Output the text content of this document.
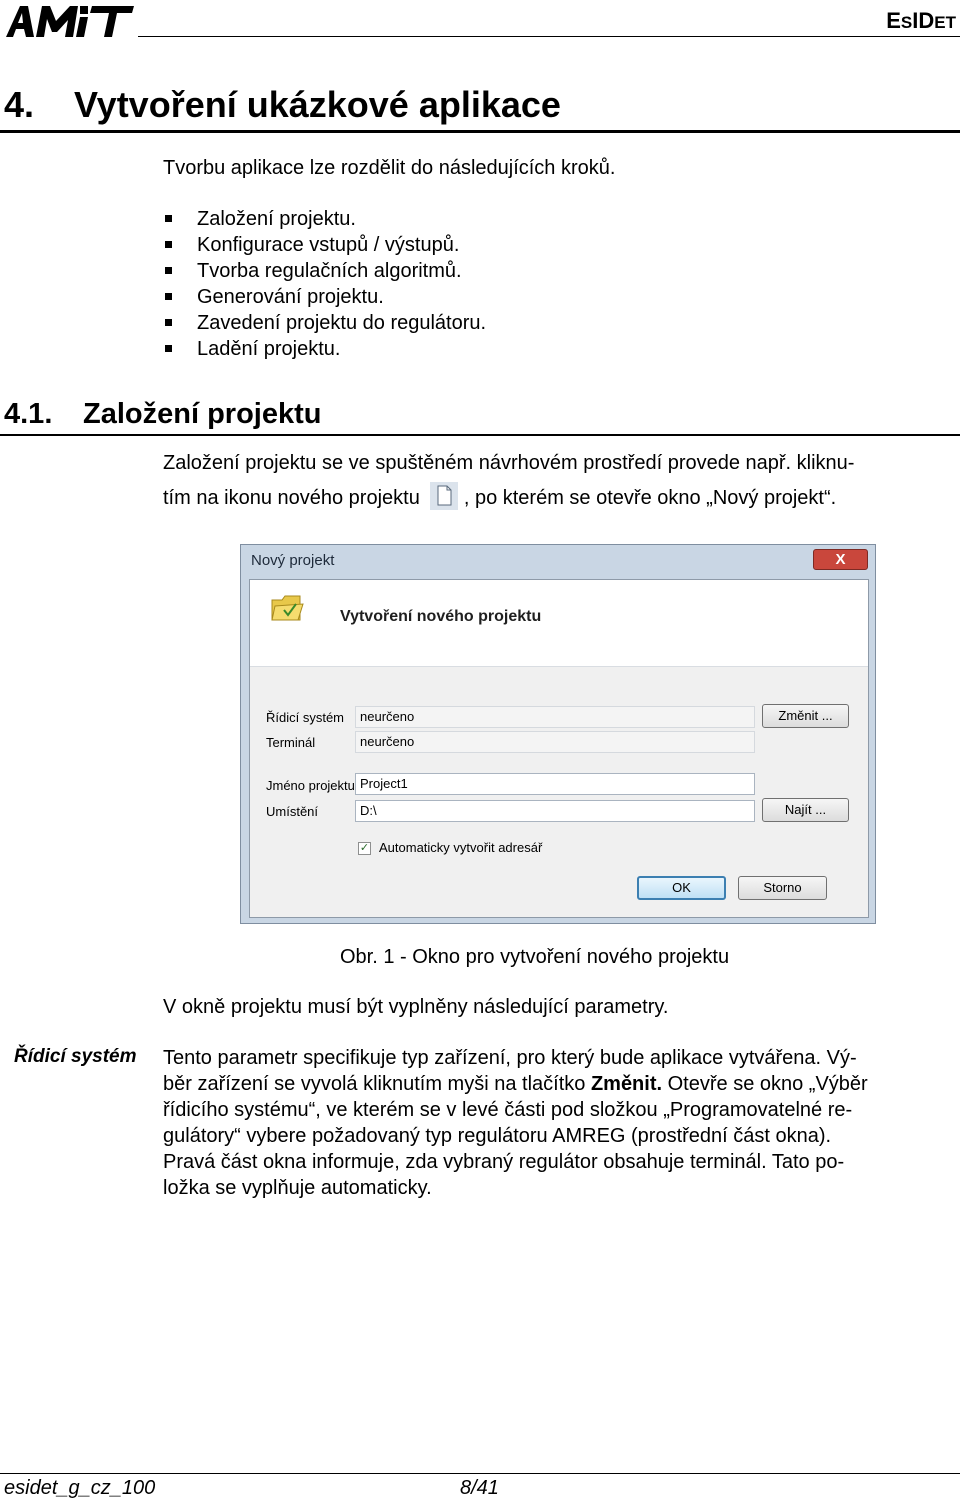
ESIDET
4. Vytvoření ukázkové aplikace
Tvorbu aplikace lze rozdělit do následujících kroků.
Založení projektu.
Konfigurace vstupů / výstupů.
Tvorba regulačních algoritmů.
Generování projektu.
Zavedení projektu do regulátoru.
Ladění projektu.
4.1. Založení projektu
Založení projektu se ve spuštěném návrhovém prostředí provede např. kliknu-
tím na ikonu nového projektu , po kterém se otevře okno „Nový projekt“.
Nový projekt	X
Vytvoření nového projektu
Řídicí systém	neurčeno	Změnit ...
Terminál	neurčeno
Jméno projektu Project1
Umístění	D:\	Najít ...
✓ Automaticky vytvořit adresář
OK	Storno
Obr. 1 - Okno pro vytvoření nového projektu
V okně projektu musí být vyplněny následující parametry.
Řídicí systém Tento parametr specifikuje typ zařízení, pro který bude aplikace vytvářena. Vý-
běr zařízení se vyvolá kliknutím myši na tlačítko Změnit. Otevře se okno „Výběr
řídicího systému“, ve kterém se v levé části pod složkou „Programovatelné re-
gulátory“ vybere požadovaný typ regulátoru AMREG (prostřední část okna).
Pravá část okna informuje, zda vybraný regulátor obsahuje terminál. Tato po-
ložka se vyplňuje automaticky.
esidet_g_cz_100	8/41
